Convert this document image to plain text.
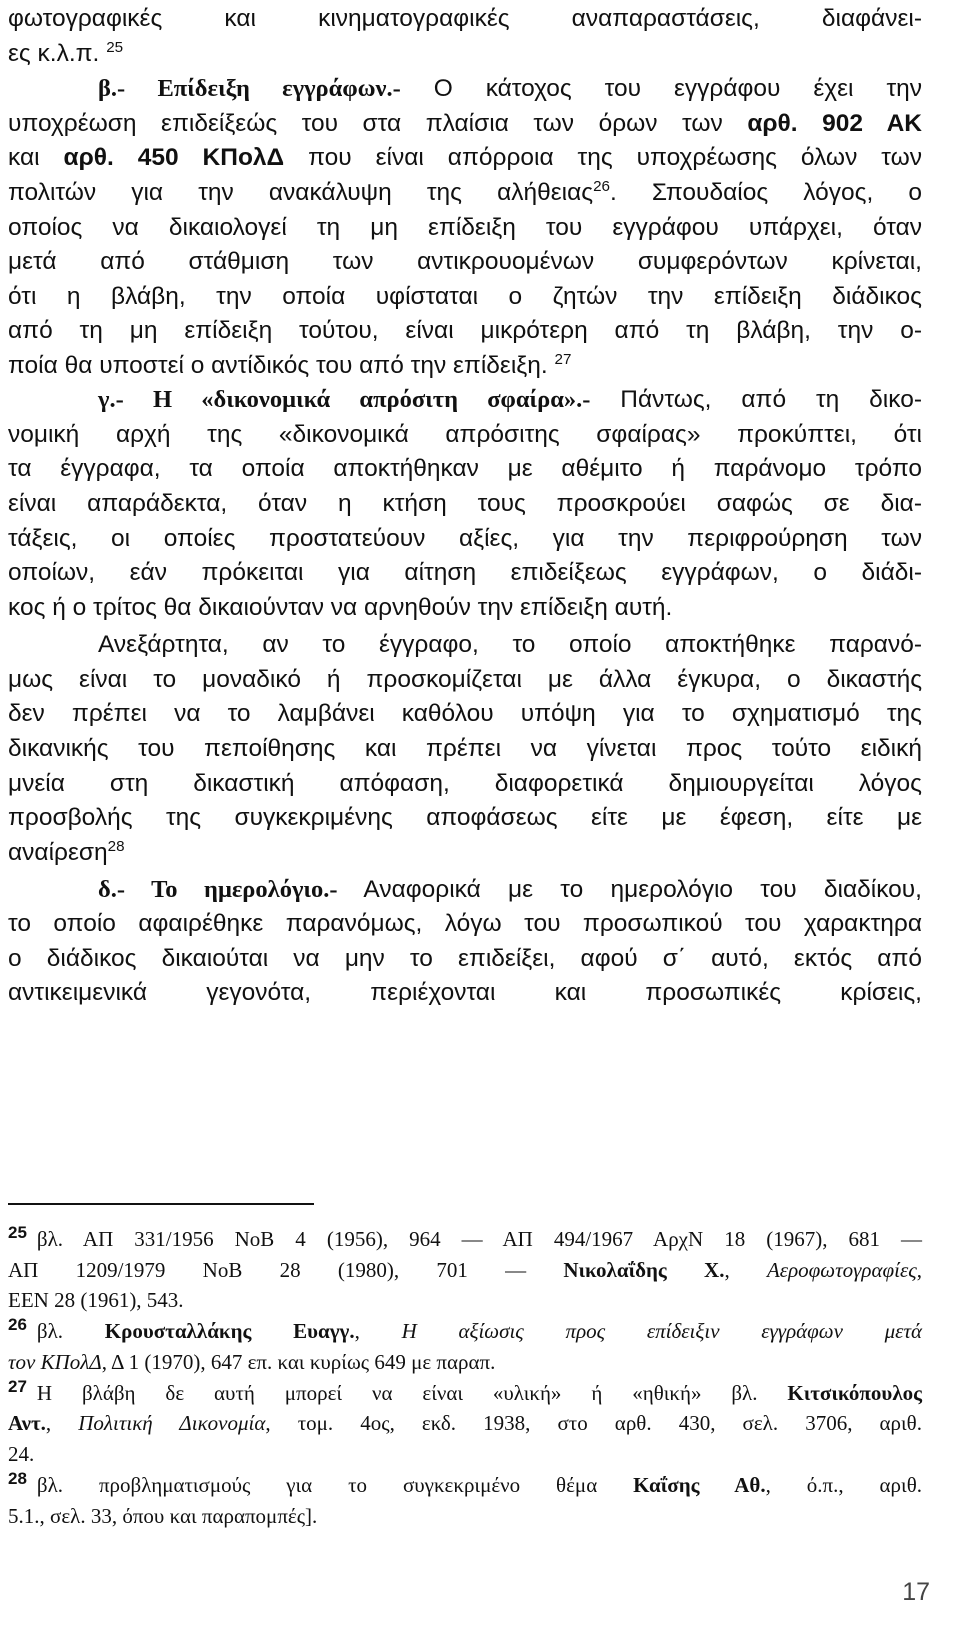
φωτογραφικές και κινηματογραφικές αναπαραστάσεις, διαφάνει-
ες κ.λ.π. $^{25}$
β.- Επίδειξη εγγράφων.- Ο κάτοχος του εγγράφου έχει την
υποχρέωση επιδείξεώς του στα πλαίσια των όρων των αρθ. 902 ΑΚ
και αρθ. 450 ΚΠολΔ που είναι απόρροια της υποχρέωσης όλων των
πολιτών για την ανακάλυψη της αλήθειας$^{26}$. Σπουδαίος λόγος, ο
οποίος να δικαιολογεί τη μη επίδειξη του εγγράφου υπάρχει, όταν
μετά από στάθμιση των αντικρουομένων συμφερόντων κρίνεται,
ότι η βλάβη, την οποία υφίσταται ο ζητών την επίδειξη διάδικος
από τη μη επίδειξη τούτου, είναι μικρότερη από τη βλάβη, την ο-
ποία θα υποστεί ο αντίδικός του από την επίδειξη. $^{27}$
γ.- Η «δικονομικά απρόσιτη σφαίρα».- Πάντως, από τη δικο-
νομική αρχή της «δικονομικά απρόσιτης σφαίρας» προκύπτει, ότι
τα έγγραφα, τα οποία αποκτήθηκαν με αθέμιτο ή παράνομο τρόπο
είναι απαράδεκτα, όταν η κτήση τους προσκρούει σαφώς σε δια-
τάξεις, οι οποίες προστατεύουν αξίες, για την περιφρούρηση των
οποίων, εάν πρόκειται για αίτηση επιδείξεως εγγράφων, ο διάδι-
κος ή ο τρίτος θα δικαιούνταν να αρνηθούν την επίδειξη αυτή.
Ανεξάρτητα, αν το έγγραφο, το οποίο αποκτήθηκε παρανό-
μως είναι το μοναδικό ή προσκομίζεται με άλλα έγκυρα, ο δικαστής
δεν πρέπει να το λαμβάνει καθόλου υπόψη για το σχηματισμό της
δικανικής του πεποίθησης και πρέπει να γίνεται προς τούτο ειδική
μνεία στη δικαστική απόφαση, διαφορετικά δημιουργείται λόγος
προσβολής της συγκεκριμένης αποφάσεως είτε με έφεση, είτε με
αναίρεση$^{28}$
δ.- Το ημερολόγιο.- Αναφορικά με το ημερολόγιο του διαδίκου,
το οποίο αφαιρέθηκε παρανόμως, λόγω του προσωπικού του χαρακτηρα
ο διάδικος δικαιούται να μην το επιδείξει, αφού σ΄ αυτό, εκτός από
αντικειμενικά γεγονότα, περιέχονται και προσωπικές κρίσεις,
$^{25}$ βλ. ΑΠ 331/1956 ΝοΒ 4 (1956), 964 ― ΑΠ 494/1967 ΑρχΝ 18 (1967), 681 ―
ΑΠ 1209/1979 ΝοΒ 28 (1980), 701 ― Νικολαΐδης Χ., Αεροφωτογραφίες,
ΕΕΝ 28 (1961), 543.
$^{26}$ βλ. Κρουσταλλάκης Ευαγγ., Η αξίωσις προς επίδειξιν εγγράφων μετά
τον ΚΠολΔ, Δ 1 (1970), 647 επ. και κυρίως 649 με παραπ.
$^{27}$ Η βλάβη δε αυτή μπορεί να είναι «υλική» ή «ηθική» βλ. Κιτσικόπουλος
Αντ., Πολιτική Δικονομία, τομ. 4ος, εκδ. 1938, στο αρθ. 430, σελ. 3706, αριθ.
24.
$^{28}$ βλ. προβληματισμούς για το συγκεκριμένο θέμα Καΐσης Αθ., ό.π., αριθ.
5.1., σελ. 33, όπου και παραπομπές].
17
